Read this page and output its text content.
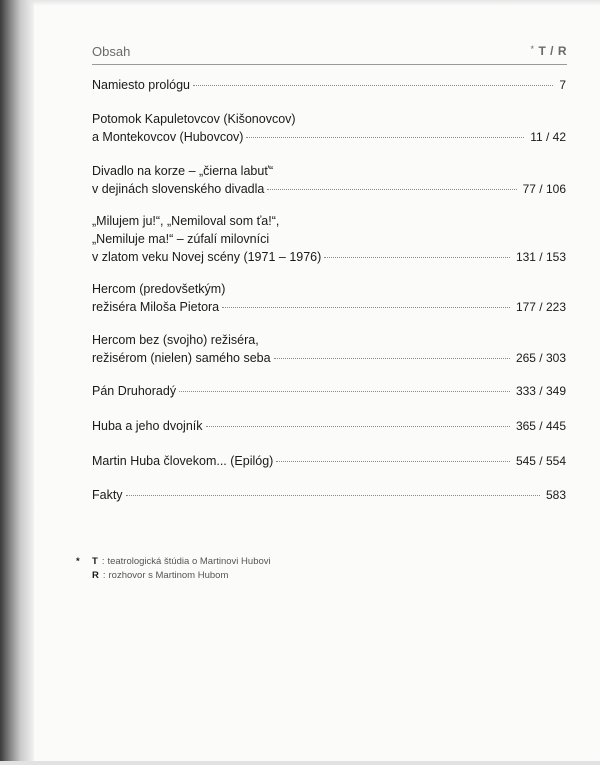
Obsah	* T / R
Namiesto prológu	7
Potomok Kapuletovcov (Kišonovcov)
a Montekovcov (Hubovcov)	11 / 42
Divadlo na korze – „čierna labuť“
v dejinách slovenského divadla	77 / 106
„Milujem ju!“, „Nemiloval som ťa!“,
„Nemiluje ma!“ – zúfalí milovníci
v zlatom veku Novej scény (1971 – 1976)	131 / 153
Hercom (predovšetkým)
režiséra Miloša Pietora	177 / 223
Hercom bez (svojho) režiséra,
režisérom (nielen) samého seba	265 / 303
Pán Druhoradý	333 / 349
Huba a jeho dvojník	365 / 445
Martin Huba človekom... (Epilóg)	545 / 554
Fakty	583
*	T : teatrologická štúdia o Martinovi Hubovi
R : rozhovor s Martinom Hubom
